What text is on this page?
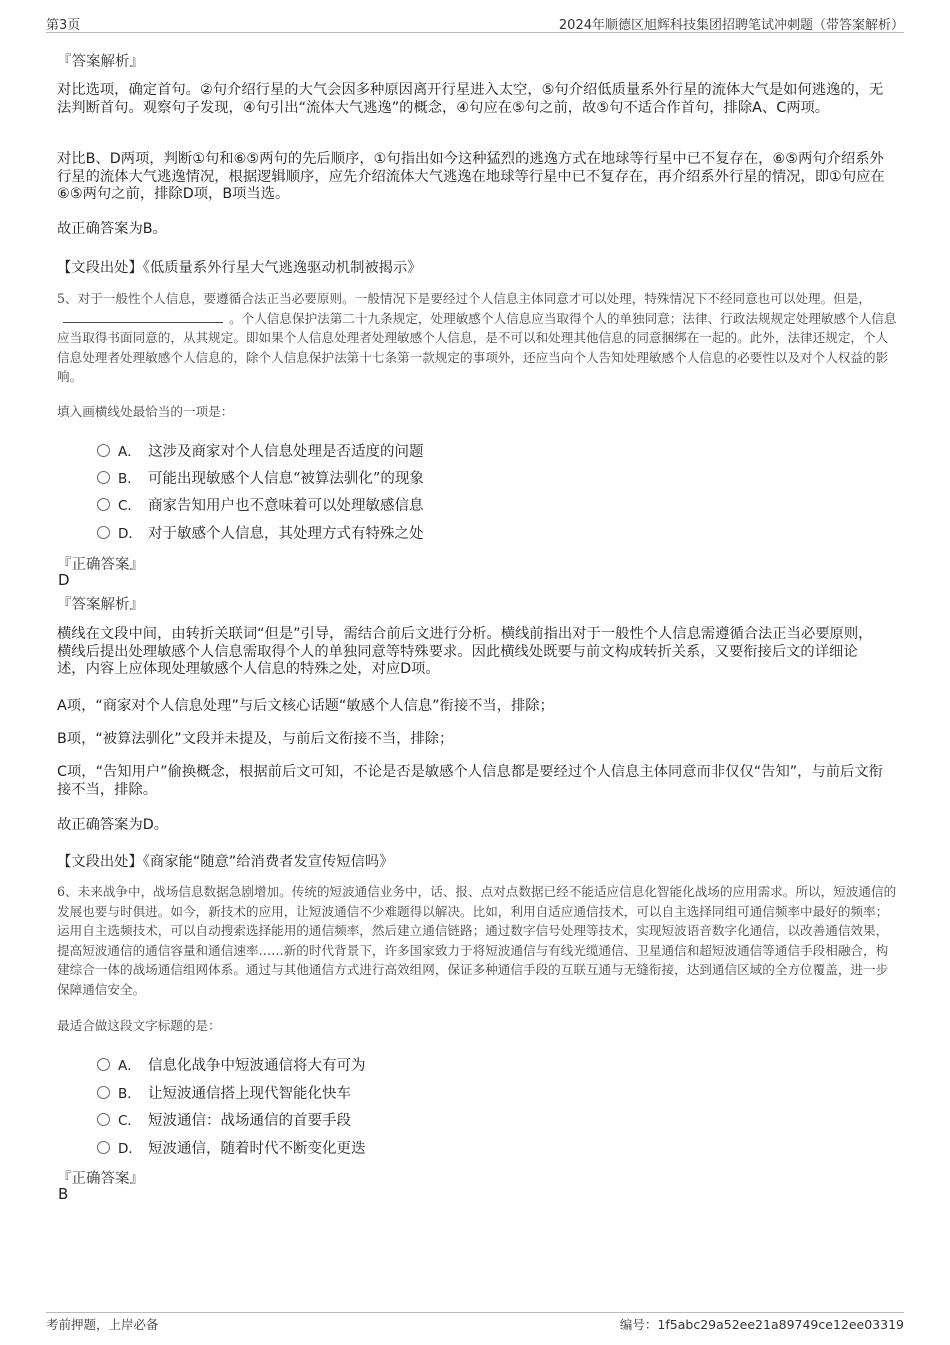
第3页	2024年顺德区旭辉科技集团招聘笔试冲刺题（带答案解析）
『答案解析』
对比选项，确定首句。②句介绍行星的大气会因多种原因离开行星进入太空，⑤句介绍低质量系外行星的流体大气是如何逃逸的，无法判断首句。观察句子发现，④句引出“流体大气逃逸”的概念，④句应在⑤句之前，故⑤句不适合作首句，排除A、C两项。
对比B、D两项，判断①句和⑥⑤两句的先后顺序，①句指出如今这种猛烈的逃逸方式在地球等行星中已不复存在，⑥⑤两句介绍系外行星的流体大气逃逸情况，根据逻辑顺序，应先介绍流体大气逃逸在地球等行星中已不复存在，再介绍系外行星的情况，即①句应在⑥⑤两句之前，排除D项，B项当选。
故正确答案为B。
【文段出处】《低质量系外行星大气逃逸驱动机制被揭示》
5、对于一般性个人信息，要遵循合法正当必要原则。一般情况下是要经过个人信息主体同意才可以处理，特殊情况下不经同意也可以处理。但是，。个人信息保护法第二十九条规定，处理敏感个人信息应当取得个人的单独同意；法律、行政法规规定处理敏感个人信息应当取得书面同意的，从其规定。即如果个人信息处理者处理敏感个人信息，是不可以和处理其他信息的同意捆绑在一起的。此外，法律还规定，个人信息处理者处理敏感个人信息的，除个人信息保护法第十七条第一款规定的事项外，还应当向个人告知处理敏感个人信息的必要性以及对个人权益的影响。
填入画横线处最恰当的一项是：
A． 这涉及商家对个人信息处理是否适度的问题
B． 可能出现敏感个人信息“被算法驯化”的现象
C． 商家告知用户也不意味着可以处理敏感信息
D． 对于敏感个人信息，其处理方式有特殊之处
『正确答案』
D
『答案解析』
横线在文段中间，由转折关联词“但是”引导，需结合前后文进行分析。横线前指出对于一般性个人信息需遵循合法正当必要原则，横线后提出处理敏感个人信息需取得个人的单独同意等特殊要求。因此横线处既要与前文构成转折关系，又要衔接后文的详细论述，内容上应体现处理敏感个人信息的特殊之处，对应D项。
A项，“商家对个人信息处理”与后文核心话题“敏感个人信息”衔接不当，排除；
B项，“被算法驯化”文段并未提及，与前后文衔接不当，排除；
C项，“告知用户”偷换概念，根据前后文可知，不论是否是敏感个人信息都是要经过个人信息主体同意而非仅仅“告知”，与前后文衔接不当，排除。
故正确答案为D。
【文段出处】《商家能“随意”给消费者发宣传短信吗》
6、未来战争中，战场信息数据急剧增加。传统的短波通信业务中，话、报、点对点数据已经不能适应信息化智能化战场的应用需求。所以，短波通信的发展也要与时俱进。如今，新技术的应用，让短波通信不少难题得以解决。比如，利用自适应通信技术，可以自主选择同组可通信频率中最好的频率；运用自主选频技术，可以自动搜索选择能用的通信频率，然后建立通信链路；通过数字信号处理等技术，实现短波语音数字化通信，以改善通信效果，提高短波通信的通信容量和通信速率……新的时代背景下，许多国家致力于将短波通信与有线光缆通信、卫星通信和超短波通信等通信手段相融合，构建综合一体的战场通信组网体系。通过与其他通信方式进行高效组网，保证多种通信手段的互联互通与无缝衔接，达到通信区域的全方位覆盖，进一步保障通信安全。
最适合做这段文字标题的是：
A． 信息化战争中短波通信将大有可为
B． 让短波通信搭上现代智能化快车
C． 短波通信：战场通信的首要手段
D． 短波通信，随着时代不断变化更迭
『正确答案』
B
考前押题，上岸必备	编号：1f5abc29a52ee21a89749ce12ee03319
